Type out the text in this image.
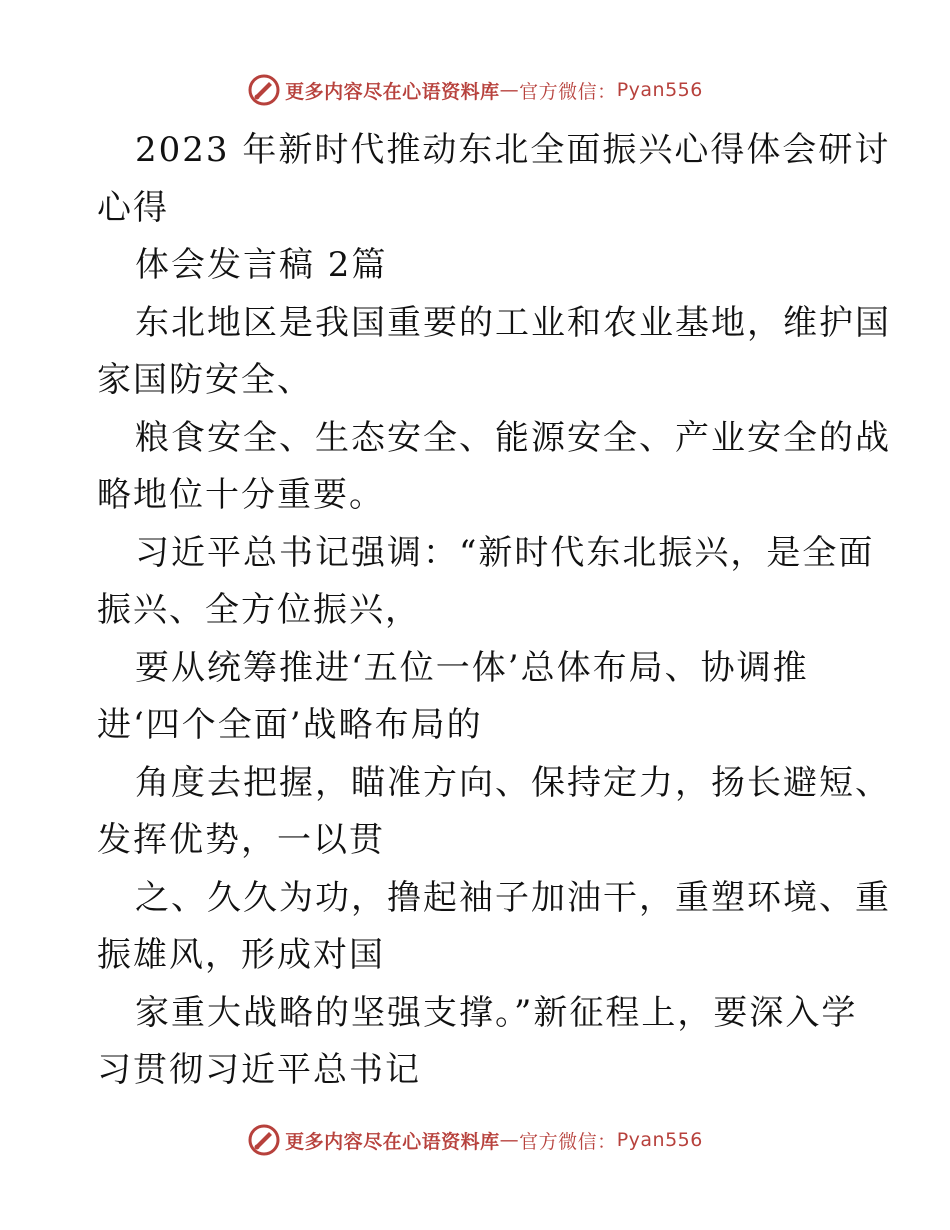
更多内容尽在心语资料库 — 官方微信： Pyan556

2023 年新时代推动东北全面振兴心得体会研讨

心得

体会发言稿 2篇

东北地区是我国重要的工业和农业基地，维护国

家国防安全、

粮食安全、生态安全、能源安全、产业安全的战

略地位十分重要。

习近平总书记强调：“新时代东北振兴，是全面

振兴、全方位振兴，

要从统筹推进‘五位一体’总体布局、协调推

进‘四个全面’战略布局的

角度去把握，瞄准方向、保持定力，扬长避短、

发挥优势，一以贯

之、久久为功，撸起袖子加油干，重塑环境、重

振雄风，形成对国

家重大战略的坚强支撑。”新征程上，要深入学

习贯彻习近平总书记

更多内容尽在心语资料库 — 官方微信： Pyan556
